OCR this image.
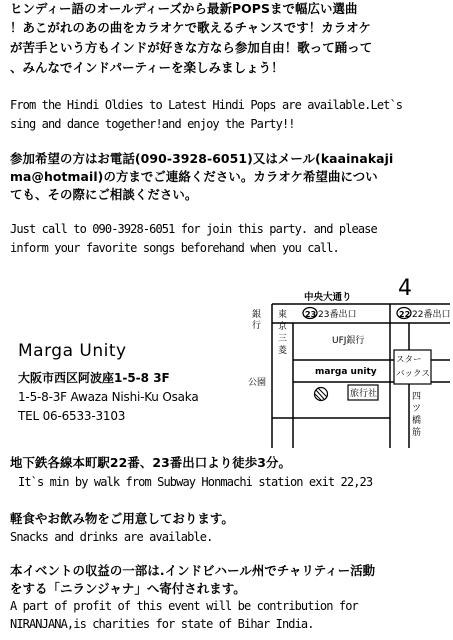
ヒンディー語のオールディーズから最新POPSまで幅広い選曲

！あこがれのあの曲をカラオケで歌えるチャンスです！カラオケ

が苦手という方もインドが好きな方なら参加自由！歌って踊って

、みんなでインドパーティーを楽しみましょう！

From the Hindi Oldies to Latest Hindi Pops are available.Let`s

sing and dance together!and enjoy the Party!!

参加希望の方はお電話(090-3928-6051)又はメール(kaainakaji

ma@hotmail)の方までご連絡ください。カラオケ希望曲につい

ても、その際にご相談ください。

Just call to 090-3928-6051 for join this party. and please

inform your favorite songs beforehand when you call.

Marga Unity
大阪市西区阿波座1-5-8 3F
1-5-8-3F Awaza Nishi-Ku Osaka
TEL 06-6533-3103
4
中央大通り
23 23番出口	22 22番出口
銀
行
東
京
三
菱
UFJ銀行
公園
marga unity
旅行社
スター
バックス
四
ツ
橋
筋

地下鉄各線本町駅22番、23番出口より徒歩3分。

It`s min by walk from Subway Honmachi station exit 22,23

軽食やお飲み物をご用意しております。

Snacks and drinks are available.

本イベントの収益の一部は.インドビハール州でチャリティー活動

をする「ニランジャナ」へ寄付されます。

A part of profit of this event will be contribution for

NIRANJANA,is charities for state of Bihar India.
